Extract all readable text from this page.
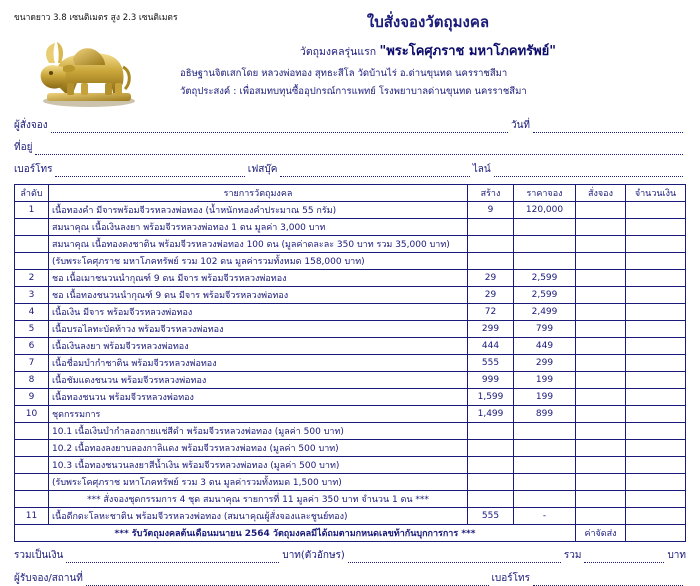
ขนาดยาว 3.8 เซนติเมตร สูง 2.3 เซนติเมตร	ใบสั่งจองวัตถุมงคล
วัตถุมงคลรุ่นแรก "พระโคศุภราช มหาโภคทรัพย์"
อธิษฐานจิตเสกโดย หลวงพ่อทอง สุทธะสีโล วัดบ้านไร่ อ.ด่านขุนทด นครราชสีมา
วัตถุประสงค์ : เพื่อสมทบทุนซื้ออุปกรณ์การแพทย์ โรงพยาบาลด่านขุนทด นครราชสีมา
ผู้สั่งจอง	วันที่
ที่อยู่
เบอร์โทร	เฟสบุ๊ค	ไลน์
ลำดับ	รายการวัตถุมงคล	สร้าง	ราคาจอง	สั่งจอง	จำนวนเงิน
1	เนื้อทองคำ มีจารพร้อมจีวรหลวงพ่อทอง (น้ำหนักทองคำประมาณ 55 กรัม)	9	120,000		
	สมนาคุณ เนื้อเงินลงยา พร้อมจีวรหลวงพ่อทอง 1 ดน มูลค่า 3,000 บาท				
	สมนาคุณ เนื้อทองดงชาติน พร้อมจีวรหลวงพ่อทอง 100 ดน (มูลค่าดละละ 350 บาท รวม 35,000 บาท)				
	(รับพระโคศุภราช มหาโภคทรัพย์ รวม 102 ดน มูลค่ารวมทั้งหมด 158,000 บาท)				
2	ชอ เนื้อเมาชนวนนำกุณฑ์ 9 ดน มีจาร พร้อมจีวรหลวงพ่อทอง	29	2,599		
3	ชอ เนื้อทองชนวนนำกุณฑ์ 9 ดน มีจาร พร้อมจีวรหลวงพ่อทอง	29	2,599		
4	เนื้อเงิน มีจาร พร้อมจีวรหลวงพ่อทอง	72	2,499		
5	เนื้อบรอไลทะบัดท้าวง พร้อมจีวรหลวงพ่อทอง	299	799		
6	เนื้อเงินลงยา พร้อมจีวรหลวงพ่อทอง	444	449		
7	เนื้อชื่อมบำกำชาติน พร้อมจีวรหลวงพ่อทอง	555	299		
8	เนื้อชัมแดงชนวน พร้อมจีวรหลวงพ่อทอง	999	199		
9	เนื้อทองชนวน พร้อมจีวรหลวงพ่อทอง	1,599	199		
10	ชุดกรรมการ	1,499	899		
	10.1 เนื้อเงินบำกำลองกายแช่สีดำ พร้อมจีวรหลวงพ่อทอง (มูลค่า 500 บาท)				
	10.2 เนื้อทองลงยาบลองกาลิแดง พร้อมจีวรหลวงพ่อทอง (มูลค่า 500 บาท)				
	10.3 เนื้อทองชนวนลงยาสีน้ำเงิน พร้อมจีวรหลวงพ่อทอง (มูลค่า 500 บาท)				
	(รับพระโคศุภราช มหาโภคทรัพย์ รวม 3 ดน มูลค่ารวมทั้งหมด 1,500 บาท)				
	*** สั่งจองชุดกรรมการ 4 ชุด สมนาคุณ รายการที่ 11 มูลค่า 350 บาท จำนวน 1 ดน ***				
11	เนื้อดีกดะโลหะชาติน พร้อมจีวรหลวงพ่อทอง (สมนาคุณผู้สั่งจองและชูนย์ทอง)	555	-		
*** รับวัตถุมงคลต้นเดือนมนายน 2564 วัตถุมงคลมีได้ถมตามกหนดเลขท้ากันบุกการการ ***	ค่าจัดส่ง	
รวมเป็นเงิน	บาท(ตัวอักษร)	รวม	บาท
ผู้รับจอง/สถานที่	เบอร์โทร
